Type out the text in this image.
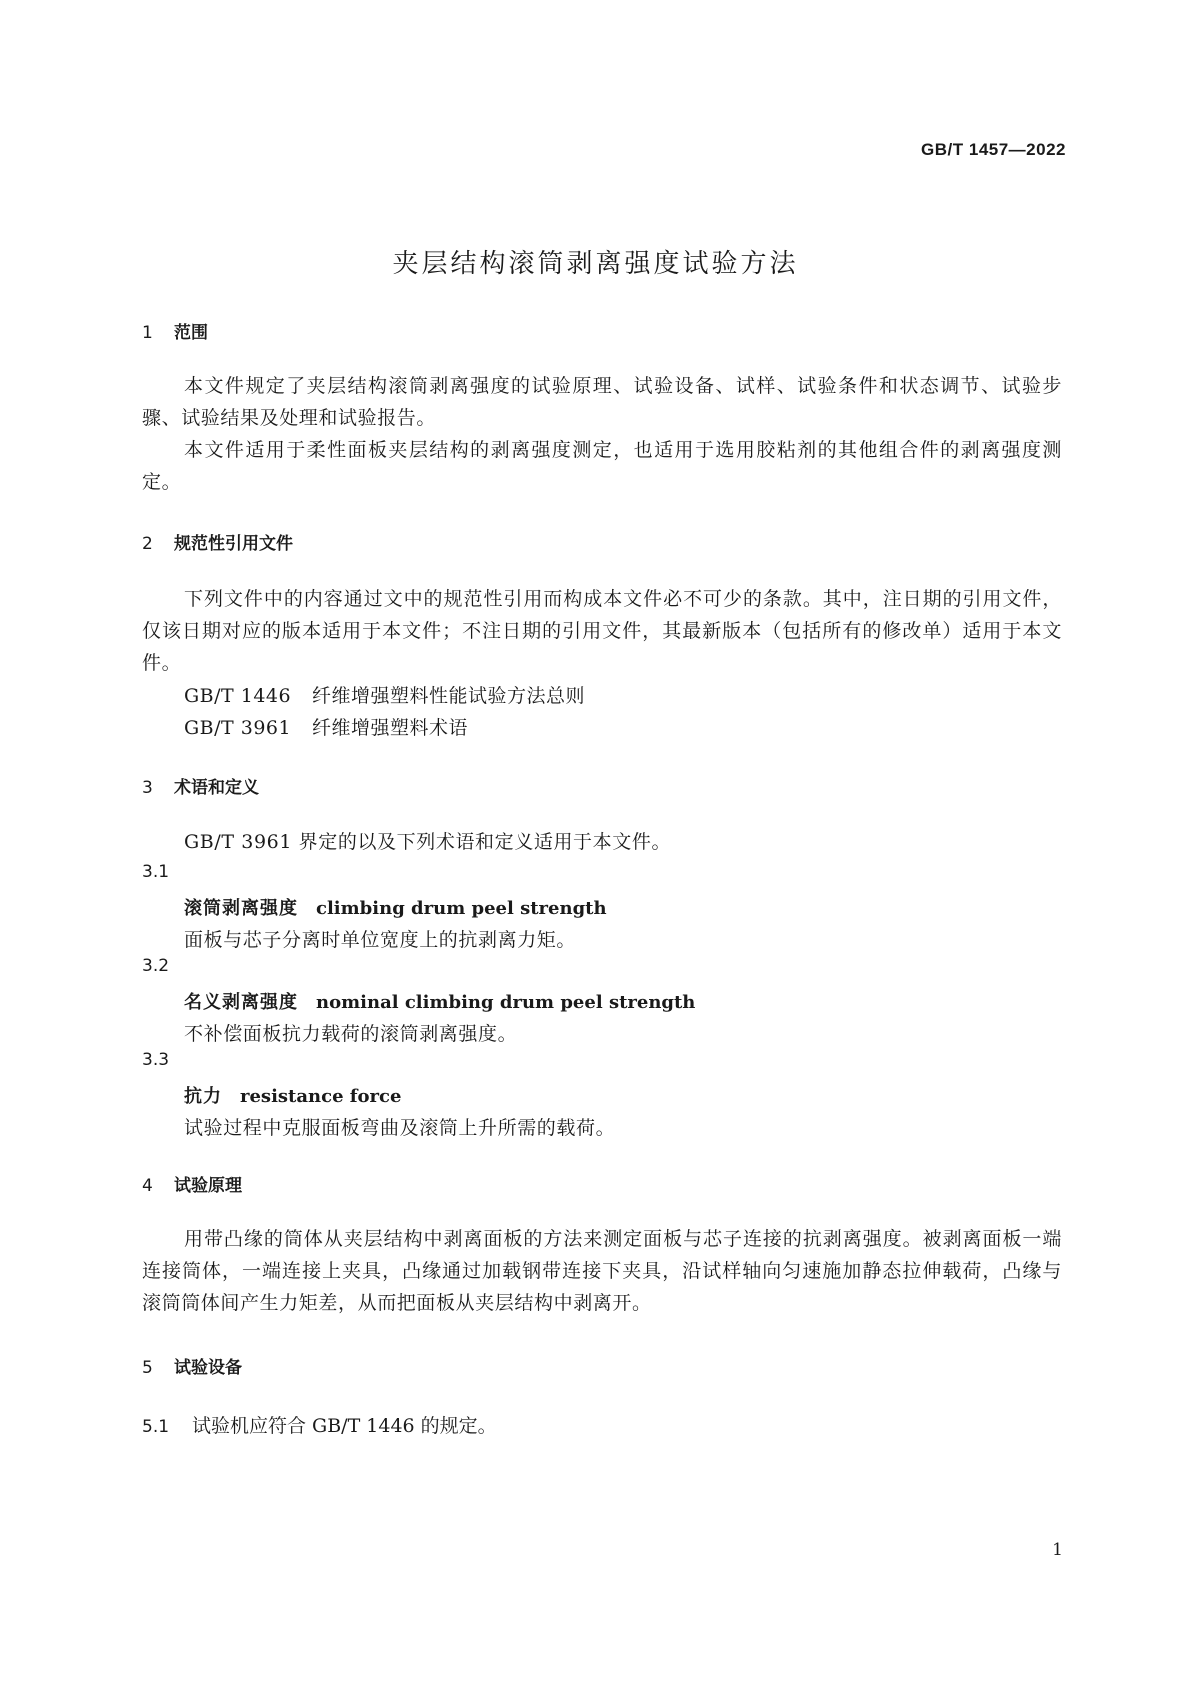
GB/T 1457—2022
夹层结构滚筒剥离强度试验方法
1 范围
本文件规定了夹层结构滚筒剥离强度的试验原理、试验设备、试样、试验条件和状态调节、试验步骤、试验结果及处理和试验报告。
本文件适用于柔性面板夹层结构的剥离强度测定，也适用于选用胶粘剂的其他组合件的剥离强度测定。
2 规范性引用文件
下列文件中的内容通过文中的规范性引用而构成本文件必不可少的条款。其中，注日期的引用文件，仅该日期对应的版本适用于本文件；不注日期的引用文件，其最新版本（包括所有的修改单）适用于本文件。
GB/T 1446 纤维增强塑料性能试验方法总则
GB/T 3961 纤维增强塑料术语
3 术语和定义
GB/T 3961 界定的以及下列术语和定义适用于本文件。
3.1
滚筒剥离强度 climbing drum peel strength
面板与芯子分离时单位宽度上的抗剥离力矩。
3.2
名义剥离强度 nominal climbing drum peel strength
不补偿面板抗力载荷的滚筒剥离强度。
3.3
抗力 resistance force
试验过程中克服面板弯曲及滚筒上升所需的载荷。
4 试验原理
用带凸缘的筒体从夹层结构中剥离面板的方法来测定面板与芯子连接的抗剥离强度。被剥离面板一端连接筒体，一端连接上夹具，凸缘通过加载钢带连接下夹具，沿试样轴向匀速施加静态拉伸载荷，凸缘与滚筒筒体间产生力矩差，从而把面板从夹层结构中剥离开。
5 试验设备
5.1 试验机应符合 GB/T 1446 的规定。
1
